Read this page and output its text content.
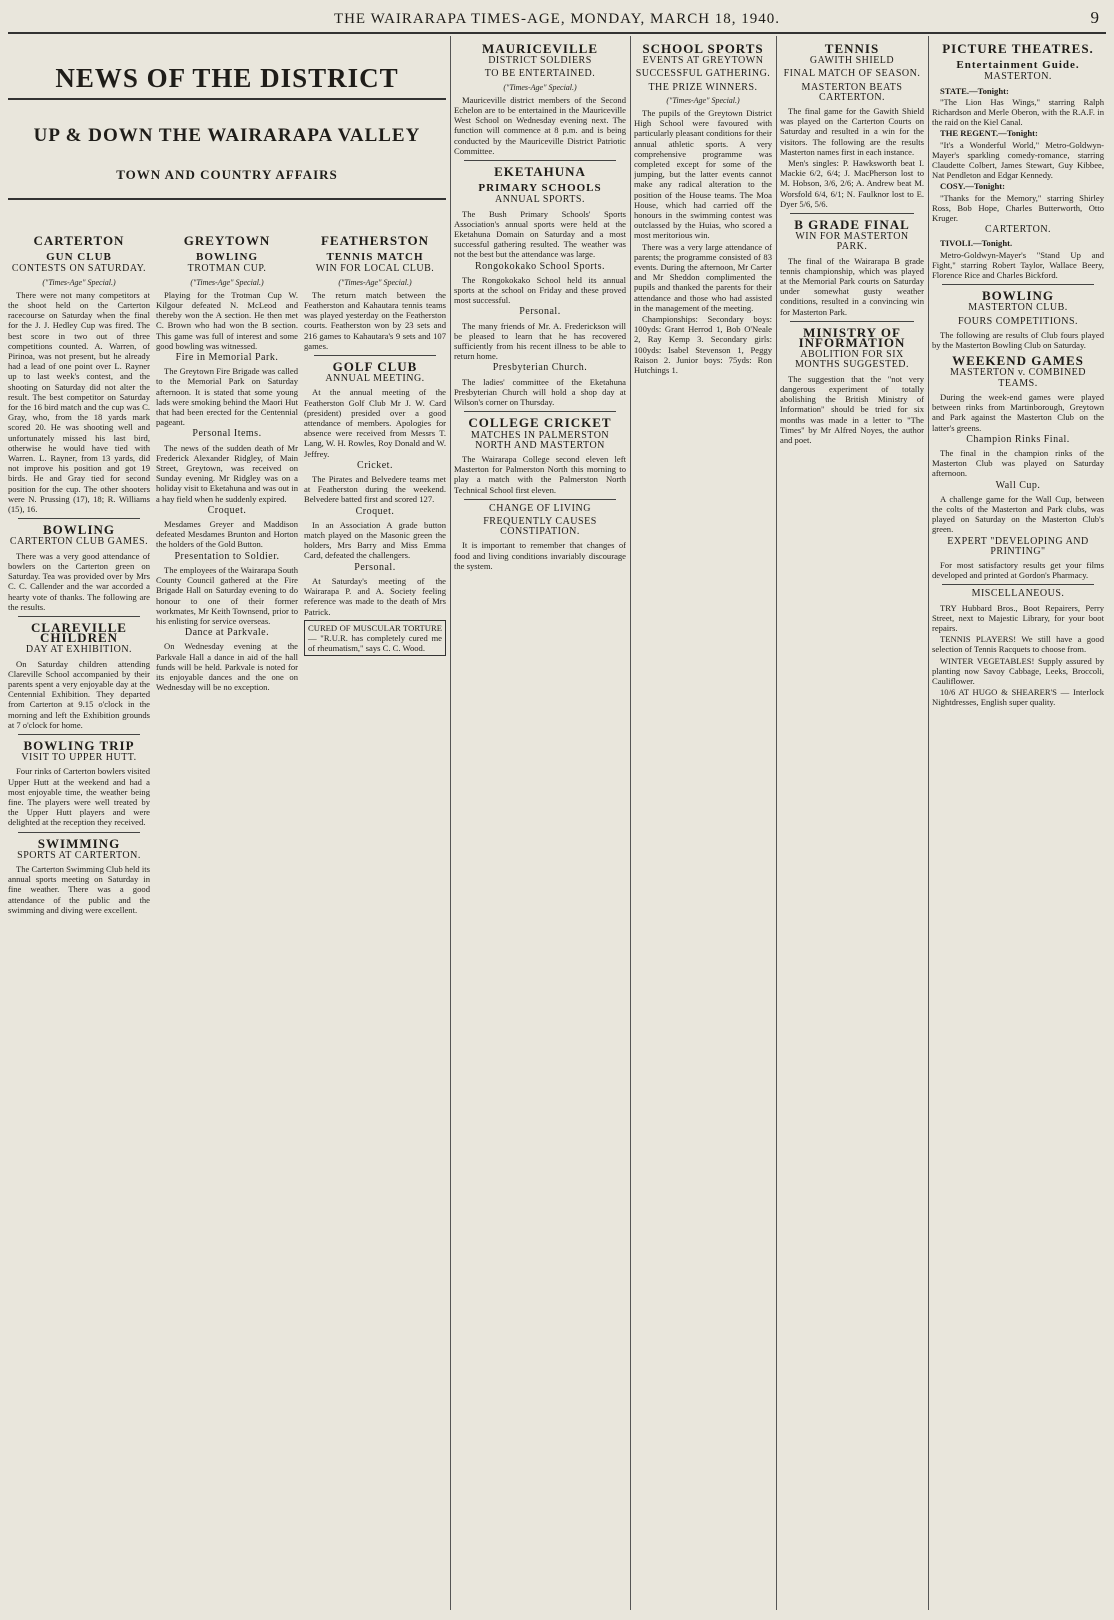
THE WAIRARAPA TIMES-AGE, MONDAY, MARCH 18, 1940.	9
NEWS OF THE DISTRICT
UP & DOWN THE WAIRARAPA VALLEY
TOWN AND COUNTRY AFFAIRS
CARTERTON
GUN CLUB
CONTESTS ON SATURDAY.
("Times-Age" Special.)

There were not many competitors at the shoot held on the Carterton racecourse on Saturday when the final for the J. J. Hedley Cup was fired. The best score in two out of three competitions counted. A. Warren, of Pirinoa, was not present, but he already had a lead of one point over L. Rayner up to last week's contest, and the shooting on Saturday did not alter the result. The best competitor on Saturday for the 16 bird match and the cup was C. Gray, who, from the 18 yards mark scored 20. He was shooting well and unfortunately missed his last bird, otherwise he would have tied with Warren. L. Rayner, from 13 yards, did not improve his position and got 19 birds. He and Gray tied for second position for the cup. The other shooters were N. Prussing (17), 18; R. Williams (15), 16.

BOWLING
CARTERTON CLUB GAMES.

There was a very good attendance of bowlers on the Carterton green on Saturday. Tea was provided over by Mrs C. C. Callender and the war accorded a hearty vote of thanks. The following are the results.

CLAREVILLE CHILDREN
DAY AT EXHIBITION.

On Saturday children attending Clareville School accompanied by their parents spent a very enjoyable day at the Centennial Exhibition. They departed from Carterton at 9.15 o'clock in the morning and left the Exhibition grounds at 7 o'clock for home.

BOWLING TRIP
VISIT TO UPPER HUTT.

Four rinks of Carterton bowlers visited Upper Hutt at the weekend and had a most enjoyable time, the weather being fine. The players were well treated by the Upper Hutt players and were delighted at the reception they received.

SWIMMING
SPORTS AT CARTERTON.

The Carterton Swimming Club held its annual sports meeting on Saturday in fine weather. There was a good attendance of the public and the swimming and diving were excellent.

GREYTOWN
BOWLING
TROTMAN CUP.
("Times-Age" Special.)

Playing for the Trotman Cup W. Kilgour defeated N. McLeod and thereby won the A section. He then met C. Brown who had won the B section. This game was full of interest and some good bowling was witnessed.

Fire in Memorial Park.

The Greytown Fire Brigade was called to the Memorial Park on Saturday afternoon. It is stated that some young lads were smoking behind the Maori Hut that had been erected for the Centennial pageant.

Personal Items.

The news of the sudden death of Mr Frederick Alexander Ridgley, of Main Street, Greytown, was received on Sunday evening. Mr Ridgley was on a holiday visit to Eketahuna and was out in a hay field when he suddenly expired.

Croquet.

Mesdames Greyer and Maddison defeated Mesdames Brunton and Horton the holders of the Gold Button.

Presentation to Soldier.

The employees of the Wairarapa South County Council gathered at the Fire Brigade Hall on Saturday evening to do honour to one of their former workmates, Mr Keith Townsend, prior to his enlisting for service overseas.

Dance at Parkvale.

On Wednesday evening at the Parkvale Hall a dance in aid of the hall funds will be held. Parkvale is noted for its enjoyable dances and the one on Wednesday will be no exception.

FEATHERSTON
TENNIS MATCH
WIN FOR LOCAL CLUB.
("Times-Age" Special.)

The return match between the Featherston and Kahautara tennis teams was played yesterday on the Featherston courts. Featherston won by 23 sets and 216 games to Kahautara's 9 sets and 107 games.

GOLF CLUB
ANNUAL MEETING.

At the annual meeting of the Featherston Golf Club Mr J. W. Card (president) presided over a good attendance of members. Apologies for absence were received from Messrs T. Lang, W. H. Rowles, Roy Donald and W. Jeffrey.

Cricket.

The Pirates and Belvedere teams met at Featherston during the weekend. Belvedere batted first and scored 127.

Croquet.

In an Association A grade button match played on the Masonic green the holders, Mrs Barry and Miss Emma Card, defeated the challengers.

Personal.

At Saturday's meeting of the Wairarapa P. and A. Society feeling reference was made to the death of Mrs Patrick.

CURED OF MUSCULAR TORTURE — "R.U.R. has completely cured me of rheumatism," says C. C. Wood.
MAURICEVILLE
DISTRICT SOLDIERS
TO BE ENTERTAINED.
("Times-Age" Special.)

Mauriceville district members of the Second Echelon are to be entertained in the Mauriceville West School on Wednesday evening next. The function will commence at 8 p.m. and is being conducted by the Mauriceville District Patriotic Committee.

EKETAHUNA
PRIMARY SCHOOLS
ANNUAL SPORTS.

The Bush Primary Schools' Sports Association's annual sports were held at the Eketahuna Domain on Saturday and a most successful gathering resulted. The weather was not the best but the attendance was large.

Rongokokako School Sports.

The Rongokokako School held its annual sports at the school on Friday and these proved most successful.

Personal.

The many friends of Mr. A. Frederickson will be pleased to learn that he has recovered sufficiently from his recent illness to be able to return home.

Presbyterian Church.

The ladies' committee of the Eketahuna Presbyterian Church will hold a shop day at Wilson's corner on Thursday.

COLLEGE CRICKET
MATCHES IN PALMERSTON NORTH AND MASTERTON

The Wairarapa College second eleven left Masterton for Palmerston North this morning to play a match with the Palmerston North Technical School first eleven.

CHANGE OF LIVING
FREQUENTLY CAUSES CONSTIPATION.

It is important to remember that changes of food and living conditions invariably discourage the system.

SCHOOL SPORTS
EVENTS AT GREYTOWN
SUCCESSFUL GATHERING.
THE PRIZE WINNERS.
("Times-Age" Special.)

The pupils of the Greytown District High School were favoured with particularly pleasant conditions for their annual athletic sports. A very comprehensive programme was completed except for some of the jumping, but the latter events cannot make any radical alteration to the position of the House teams. The Moa House, which had carried off the honours in the swimming contest was outclassed by the Huias, who scored a most meritorious win.

There was a very large attendance of parents; the programme consisted of 83 events. During the afternoon, Mr Carter and Mr Sheddon complimented the pupils and thanked the parents for their attendance and those who had assisted in the management of the meeting.

Championships: Secondary boys: 100yds: Grant Herrod 1, Bob O'Neale 2, Ray Kemp 3. Secondary girls: 100yds: Isabel Stevenson 1, Peggy Raison 2. Junior boys: 75yds: Ron Hutchings 1.

TENNIS
GAWITH SHIELD
FINAL MATCH OF SEASON.
MASTERTON BEATS CARTERTON.

The final game for the Gawith Shield was played on the Carterton Courts on Saturday and resulted in a win for the visitors. The following are the results Masterton names first in each instance.

Men's singles: P. Hawksworth beat I. Mackie 6/2, 6/4; J. MacPherson lost to M. Hobson, 3/6, 2/6; A. Andrew beat M. Worsfold 6/4, 6/1; N. Faulknor lost to E. Dyer 5/6, 5/6.

B GRADE FINAL
WIN FOR MASTERTON PARK.

The final of the Wairarapa B grade tennis championship, which was played at the Memorial Park courts on Saturday under somewhat gusty weather conditions, resulted in a convincing win for Masterton Park.

MINISTRY OF INFORMATION
ABOLITION FOR SIX MONTHS SUGGESTED.

The suggestion that the "not very dangerous experiment of totally abolishing the British Ministry of Information" should be tried for six months was made in a letter to "The Times" by Mr Alfred Noyes, the author and poet.

PICTURE THEATRES.
Entertainment Guide.
MASTERTON.

STATE.—Tonight:

"The Lion Has Wings," starring Ralph Richardson and Merle Oberon, with the R.A.F. in the raid on the Kiel Canal.

THE REGENT.—Tonight:

"It's a Wonderful World," Metro-Goldwyn-Mayer's sparkling comedy-romance, starring Claudette Colbert, James Stewart, Guy Kibbee, Nat Pendleton and Edgar Kennedy.

COSY.—Tonight:

"Thanks for the Memory," starring Shirley Ross, Bob Hope, Charles Butterworth, Otto Kruger.

CARTERTON.

TIVOLI.—Tonight.

Metro-Goldwyn-Mayer's "Stand Up and Fight," starring Robert Taylor, Wallace Beery, Florence Rice and Charles Bickford.

BOWLING
MASTERTON CLUB.
FOURS COMPETITIONS.

The following are results of Club fours played by the Masterton Bowling Club on Saturday.

WEEKEND GAMES
MASTERTON v. COMBINED TEAMS.

During the week-end games were played between rinks from Martinborough, Greytown and Park against the Masterton Club on the latter's greens.

Champion Rinks Final.

The final in the champion rinks of the Masterton Club was played on Saturday afternoon.

Wall Cup.

A challenge game for the Wall Cup, between the colts of the Masterton and Park clubs, was played on Saturday on the Masterton Club's green.

EXPERT "DEVELOPING AND PRINTING"

For most satisfactory results get your films developed and printed at Gordon's Pharmacy.

MISCELLANEOUS.

TRY Hubbard Bros., Boot Repairers, Perry Street, next to Majestic Library, for your boot repairs.

TENNIS PLAYERS! We still have a good selection of Tennis Racquets to choose from.

WINTER VEGETABLES! Supply assured by planting now Savoy Cabbage, Leeks, Broccoli, Cauliflower.

10/6 AT HUGO & SHEARER'S — Interlock Nightdresses, English super quality.
